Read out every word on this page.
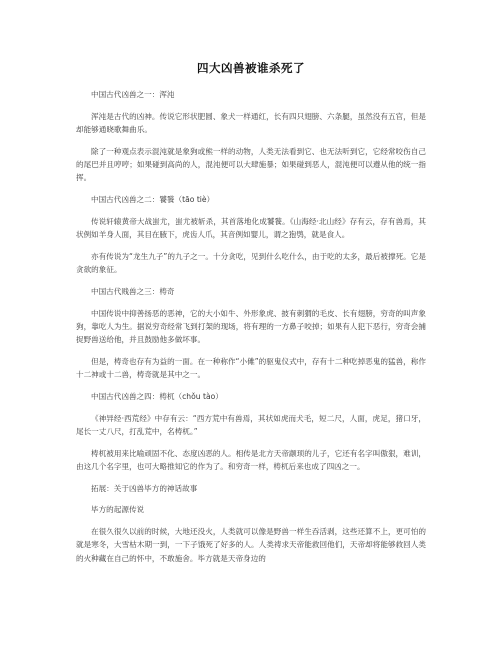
四大凶兽被谁杀死了

中国古代凶兽之一：浑沌

浑沌是古代的凶神。传说它形状肥圆、象犬一样通红，长有四只翅膀、六条腿，虽然没有五官，但是却能够通晓歌舞曲乐。

除了一种观点表示混沌就是象狗或熊一样的动物，人类无法看到它、也无法听到它，它经常咬伤自己的尾巴并且哼哼；如果碰到高尚的人，混沌便可以大肆施暴；如果碰到恶人，混沌便可以遵从他的统一指挥。

中国古代凶兽之二：饕餮（tāo tiè）

传说轩辕黄帝大战蚩尤，蚩尤被斩杀，其首落地化成饕餮。《山海经·北山经》存有云，存有兽焉，其状例如羊身人面，其目在腋下，虎齿人爪，其音例如婴儿，谓之狍鸮，就是食人。

亦有传说为“龙生九子”的九子之一。十分贪吃，见到什么吃什么，由于吃的太多，最后被撑死。它是贪欲的象征。

中国古代贱兽之三：梼奇

中国传说中抑善扬恶的恶神，它的大小如牛、外形象虎、披有刺猬的毛皮、长有翅膀，穷奇的叫声象狗，靠吃人为生。据说穷奇经常飞到打架的现场，将有理的一方鼻子咬掉；如果有人犯下恶行，穷奇会捕捉野兽送给他，并且鼓励他多做坏事。

但是，梼奇也存有为益的一面。在一种称作“小傩”的驱鬼仪式中，存有十二种吃掉恶鬼的猛兽，称作十二神或十二兽，梼奇就是其中之一。

中国古代凶兽之四：梼杌（chǒu tào）

《神异经·西荒经》中存有云：“西方荒中有兽焉，其状如虎而犬毛，短二尺，人面，虎足，猪口牙，尾长一丈八尺，打乱荒中，名梼杌。”

梼杌被用来比喻顽固不化、态度凶恶的人。相传是北方天帝颛顼的儿子，它还有名字叫傲狠，难训，由这几个名字里，也可大略推知它的作为了。和穷奇一样，梼杌后来也成了四凶之一。

拓展：关于凶兽毕方的神话故事

毕方的起源传说

在很久很久以前的时候，大地还没火，人类就可以像是野兽一样生吞活剥，这些还算不上，更可怕的就是寒冬，大雪枯木期一到，一下子饿死了好多的人。人类祷求天帝能救回他们，天帝却将能够救回人类的火种藏在自己的怀中，不敢施舍。毕方就是天帝身边的
